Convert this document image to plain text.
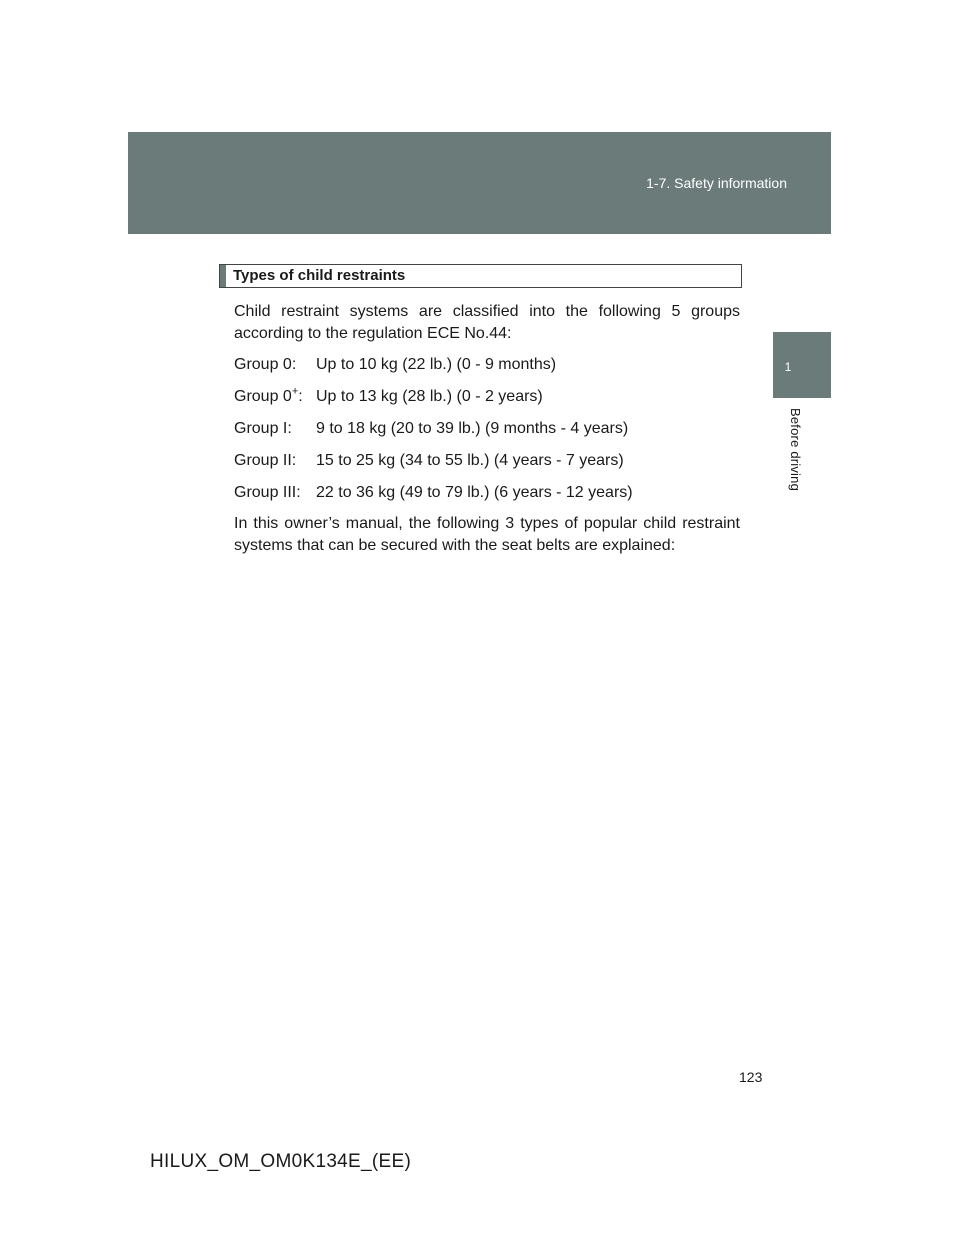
1-7. Safety information
1
Before driving
Types of child restraints
Child restraint systems are classified into the following 5 groups according to the regulation ECE No.44:
Group 0: Up to 10 kg (22 lb.) (0 - 9 months)
Group 0+: Up to 13 kg (28 lb.) (0 - 2 years)
Group I: 9 to 18 kg (20 to 39 lb.) (9 months - 4 years)
Group II: 15 to 25 kg (34 to 55 lb.) (4 years - 7 years)
Group III: 22 to 36 kg (49 to 79 lb.) (6 years - 12 years)
In this owner’s manual, the following 3 types of popular child restraint systems that can be secured with the seat belts are explained:
123
HILUX_OM_OM0K134E_(EE)
